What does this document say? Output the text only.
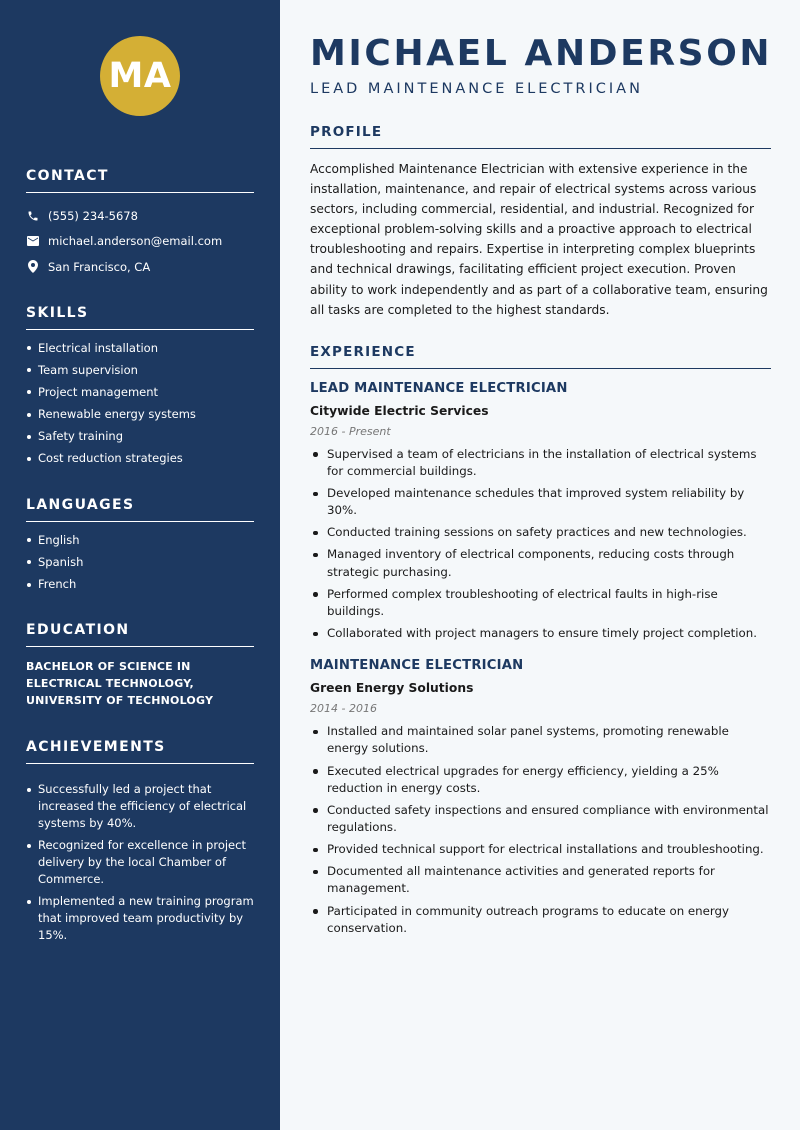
MA
CONTACT
(555) 234-5678
michael.anderson@email.com
San Francisco, CA
SKILLS
Electrical installation
Team supervision
Project management
Renewable energy systems
Safety training
Cost reduction strategies
LANGUAGES
English
Spanish
French
EDUCATION

BACHELOR OF SCIENCE IN ELECTRICAL TECHNOLOGY, UNIVERSITY OF TECHNOLOGY

ACHIEVEMENTS
Successfully led a project that increased the efficiency of electrical systems by 40%.
Recognized for excellence in project delivery by the local Chamber of Commerce.
Implemented a new training program that improved team productivity by 15%.
MICHAEL ANDERSON
LEAD MAINTENANCE ELECTRICIAN
PROFILE

Accomplished Maintenance Electrician with extensive experience in the installation, maintenance, and repair of electrical systems across various sectors, including commercial, residential, and industrial. Recognized for exceptional problem-solving skills and a proactive approach to electrical troubleshooting and repairs. Expertise in interpreting complex blueprints and technical drawings, facilitating efficient project execution. Proven ability to work independently and as part of a collaborative team, ensuring all tasks are completed to the highest standards.

EXPERIENCE
LEAD MAINTENANCE ELECTRICIAN
Citywide Electric Services
2016 - Present
Supervised a team of electricians in the installation of electrical systems for commercial buildings.
Developed maintenance schedules that improved system reliability by 30%.
Conducted training sessions on safety practices and new technologies.
Managed inventory of electrical components, reducing costs through strategic purchasing.
Performed complex troubleshooting of electrical faults in high-rise buildings.
Collaborated with project managers to ensure timely project completion.
MAINTENANCE ELECTRICIAN
Green Energy Solutions
2014 - 2016
Installed and maintained solar panel systems, promoting renewable energy solutions.
Executed electrical upgrades for energy efficiency, yielding a 25% reduction in energy costs.
Conducted safety inspections and ensured compliance with environmental regulations.
Provided technical support for electrical installations and troubleshooting.
Documented all maintenance activities and generated reports for management.
Participated in community outreach programs to educate on energy conservation.
